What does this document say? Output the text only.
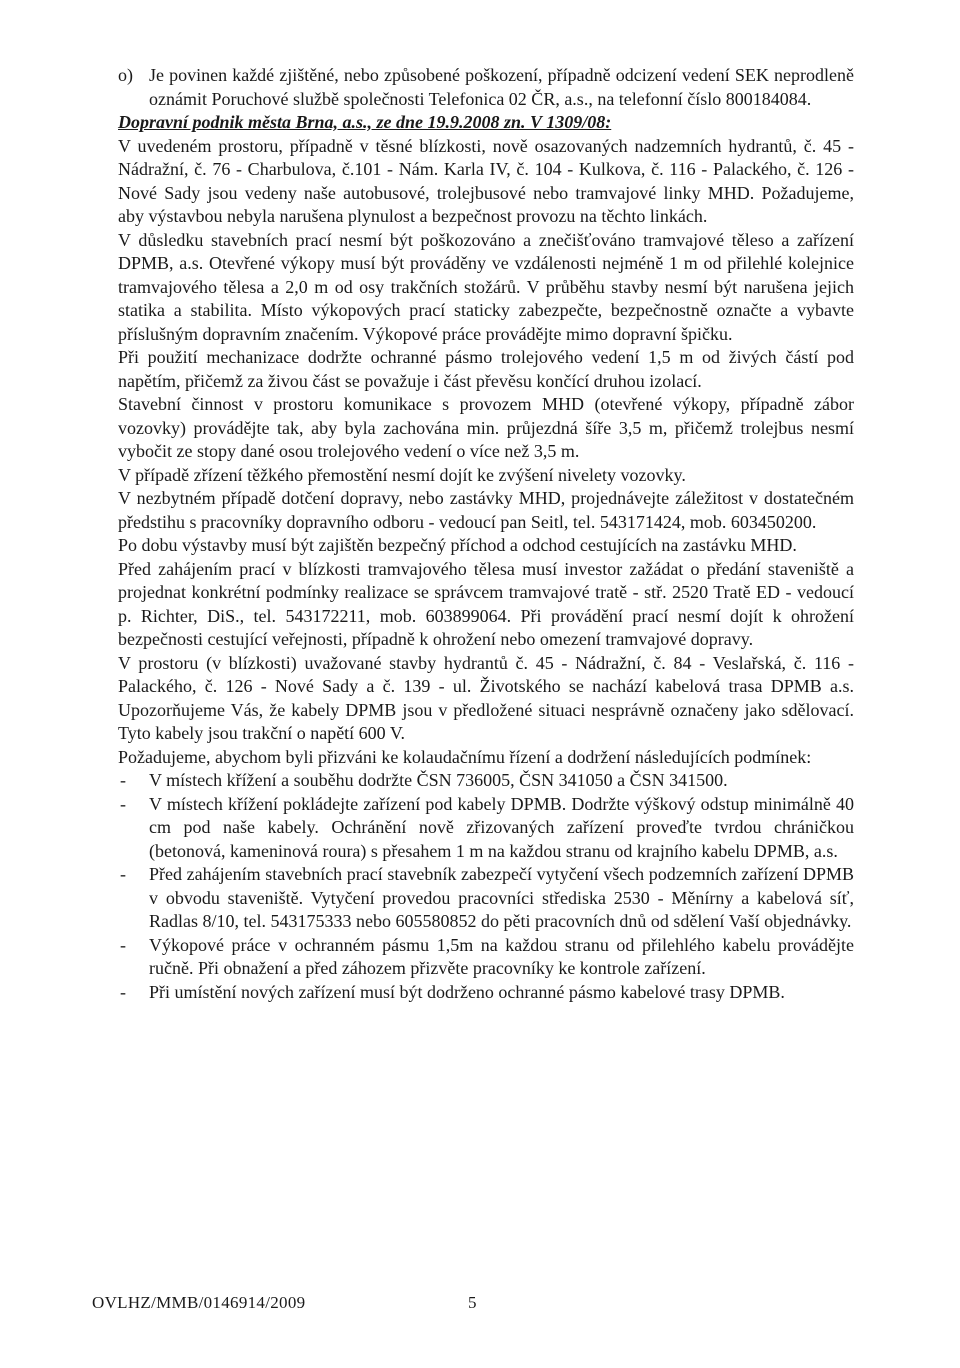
o) Je povinen každé zjištěné, nebo způsobené poškození, případně odcizení vedení SEK neprodleně oznámit Poruchové službě společnosti Telefonica 02 ČR, a.s., na telefonní číslo 800184084.

Dopravní podnik města Brna, a.s., ze dne 19.9.2008 zn. V 1309/08:

V uvedeném prostoru, případně v těsné blízkosti, nově osazovaných nadzemních hydrantů, č. 45 - Nádražní, č. 76 - Charbulova, č.101 - Nám. Karla IV, č. 104 - Kulkova, č. 116 - Palackého, č. 126 - Nové Sady jsou vedeny naše autobusové, trolejbusové nebo tramvajové linky MHD. Požadujeme, aby výstavbou nebyla narušena plynulost a bezpečnost provozu na těchto linkách.

V důsledku stavebních prací nesmí být poškozováno a znečišťováno tramvajové těleso a zařízení DPMB, a.s. Otevřené výkopy musí být prováděny ve vzdálenosti nejméně 1 m od přilehlé kolejnice tramvajového tělesa a 2,0 m od osy trakčních stožárů. V průběhu stavby nesmí být narušena jejich statika a stabilita. Místo výkopových prací staticky zabezpečte, bezpečnostně označte a vybavte příslušným dopravním značením. Výkopové práce provádějte mimo dopravní špičku.

Při použití mechanizace dodržte ochranné pásmo trolejového vedení 1,5 m od živých částí pod napětím, přičemž za živou část se považuje i část převěsu končící druhou izolací.

Stavební činnost v prostoru komunikace s provozem MHD (otevřené výkopy, případně zábor vozovky) provádějte tak, aby byla zachována min. průjezdná šíře 3,5 m, přičemž trolejbus nesmí vybočit ze stopy dané osou trolejového vedení o více než 3,5 m.

V případě zřízení těžkého přemostění nesmí dojít ke zvýšení nivelety vozovky.

V nezbytném případě dotčení dopravy, nebo zastávky MHD, projednávejte záležitost v dostatečném předstihu s pracovníky dopravního odboru - vedoucí pan Seitl, tel. 543171424, mob. 603450200.

Po dobu výstavby musí být zajištěn bezpečný příchod a odchod cestujících na zastávku MHD.

Před zahájením prací v blízkosti tramvajového tělesa musí investor zažádat o předání staveniště a projednat konkrétní podmínky realizace se správcem tramvajové tratě - stř. 2520 Tratě ED - vedoucí p. Richter, DiS., tel. 543172211, mob. 603899064. Při provádění prací nesmí dojít k ohrožení bezpečnosti cestující veřejnosti, případně k ohrožení nebo omezení tramvajové dopravy.

V prostoru (v blízkosti) uvažované stavby hydrantů č. 45 - Nádražní, č. 84 - Veslařská, č. 116 - Palackého, č. 126 - Nové Sady a č. 139 - ul. Životského se nachází kabelová trasa DPMB a.s. Upozorňujeme Vás, že kabely DPMB jsou v předložené situaci nesprávně označeny jako sdělovací. Tyto kabely jsou trakční o napětí 600 V.

Požadujeme, abychom byli přizváni ke kolaudačnímu řízení a dodržení následujících podmínek:

- V místech křížení a souběhu dodržte ČSN 736005, ČSN 341050 a ČSN 341500.
- V místech křížení pokládejte zařízení pod kabely DPMB. Dodržte výškový odstup minimálně 40 cm pod naše kabely. Ochránění nově zřizovaných zařízení proveďte tvrdou chráničkou (betonová, kameninová roura) s přesahem 1 m na každou stranu od krajního kabelu DPMB, a.s.
- Před zahájením stavebních prací stavebník zabezpečí vytyčení všech podzemních zařízení DPMB v obvodu staveniště. Vytyčení provedou pracovníci střediska 2530 - Měnírny a kabelová síť, Radlas 8/10, tel. 543175333 nebo 605580852 do pěti pracovních dnů od sdělení Vaší objednávky.
- Výkopové práce v ochranném pásmu 1,5m na každou stranu od přilehlého kabelu provádějte ručně. Při obnažení a před záhozem přizvěte pracovníky ke kontrole zařízení.
- Při umístění nových zařízení musí být dodrženo ochranné pásmo kabelové trasy DPMB.
OVLHZ/MMB/0146914/2009	5
